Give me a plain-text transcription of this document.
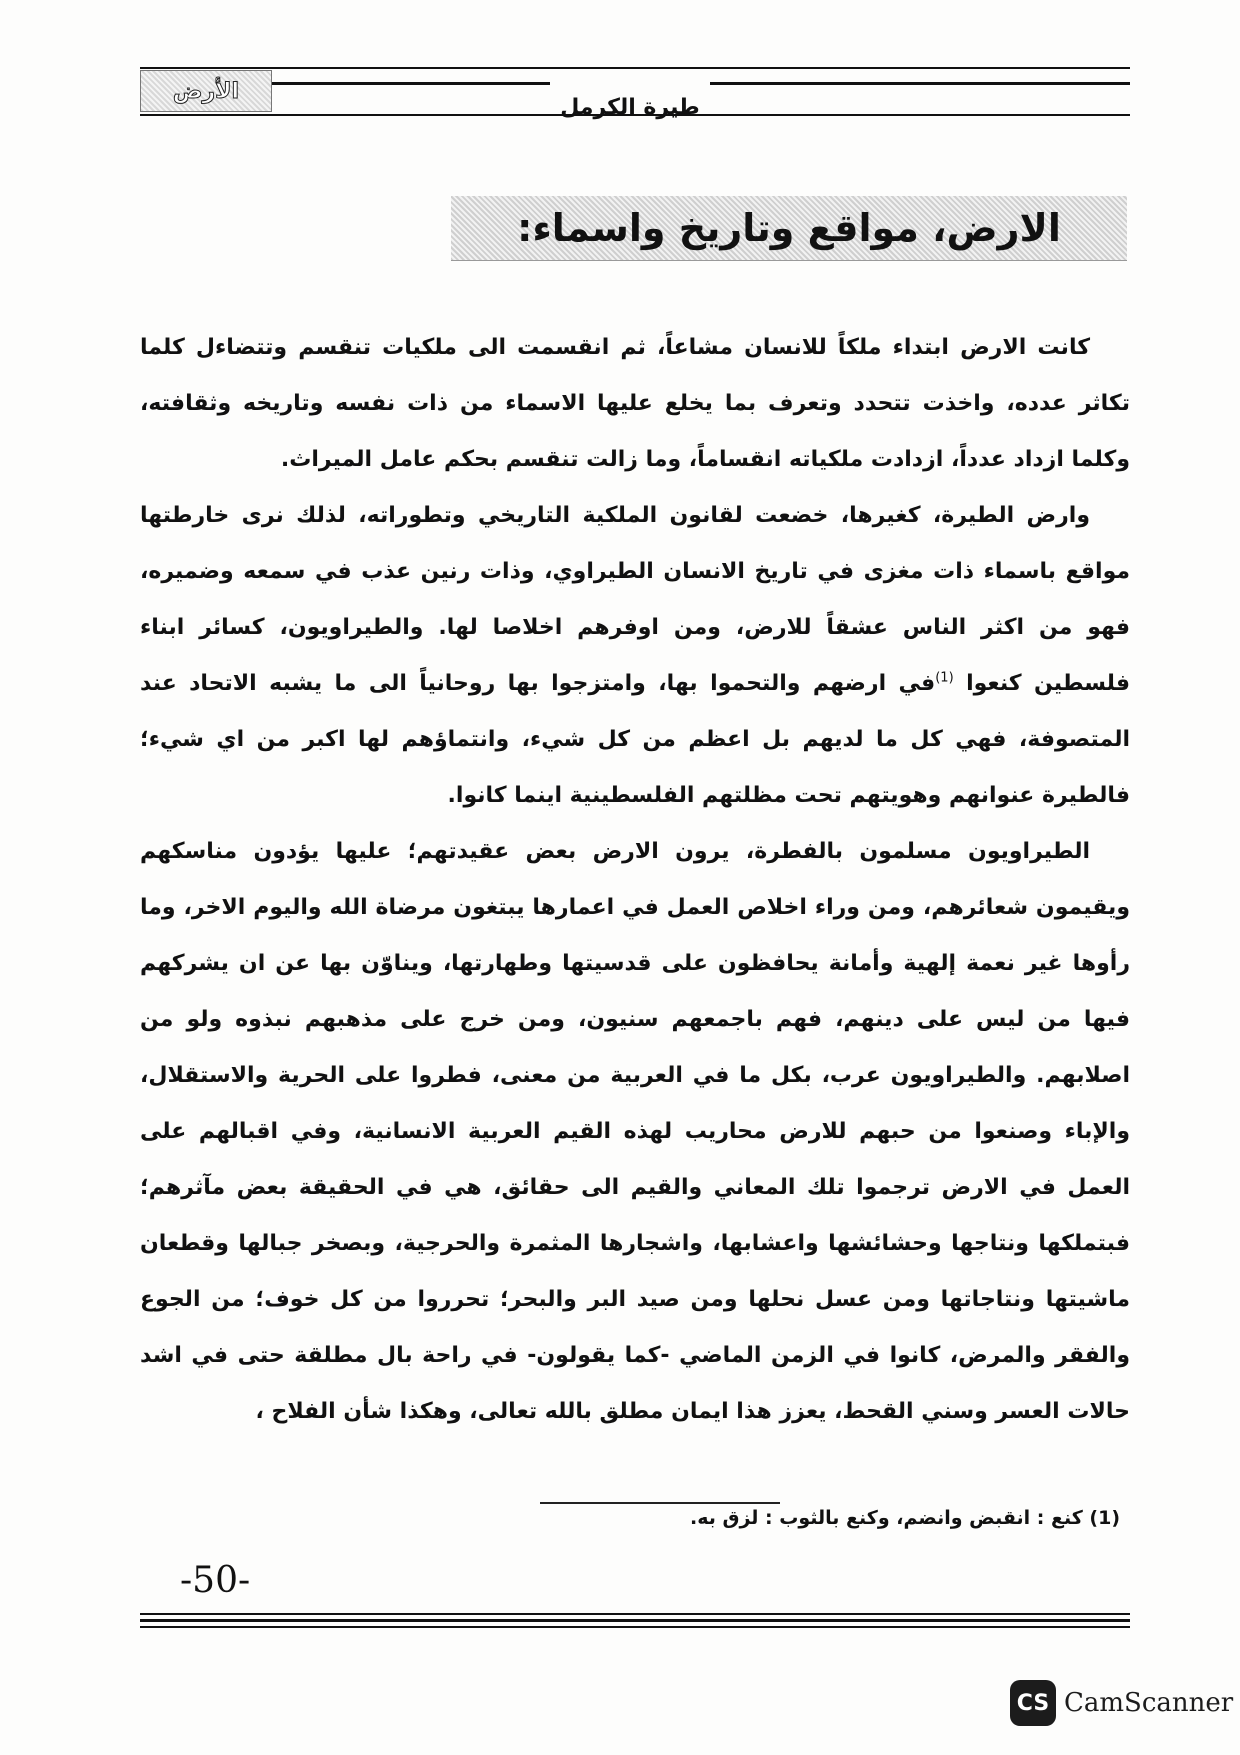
الأرض
طيرة الكرمل
الارض، مواقع وتاريخ واسماء:

كانت الارض ابتداء ملكاً للانسان مشاعاً، ثم انقسمت الى ملكيات تنقسم وتتضاءل كلما تكاثر عدده، واخذت تتحدد وتعرف بما يخلع عليها الاسماء من ذات نفسه وتاريخه وثقافته، وكلما ازداد عدداً، ازدادت ملكياته انقساماً، وما زالت تنقسم بحكم عامل الميراث.

وارض الطيرة، كغيرها، خضعت لقانون الملكية التاريخي وتطوراته، لذلك نرى خارطتها مواقع باسماء ذات مغزى في تاريخ الانسان الطيراوي، وذات رنين عذب في سمعه وضميره، فهو من اكثر الناس عشقاً للارض، ومن اوفرهم اخلاصا لها. والطيراويون، كسائر ابناء فلسطين كنعوا $^{(1)}$في ارضهم والتحموا بها، وامتزجوا بها روحانياً الى ما يشبه الاتحاد عند المتصوفة، فهي كل ما لديهم بل اعظم من كل شيء، وانتماؤهم لها اكبر من اي شيء؛ فالطيرة عنوانهم وهويتهم تحت مظلتهم الفلسطينية اينما كانوا.

الطيراويون مسلمون بالفطرة، يرون الارض بعض عقيدتهم؛ عليها يؤدون مناسكهم ويقيمون شعائرهم، ومن وراء اخلاص العمل في اعمارها يبتغون مرضاة الله واليوم الاخر، وما رأوها غير نعمة إلهية وأمانة يحافظون على قدسيتها وطهارتها، ويناوّن بها عن ان يشركهم فيها من ليس على دينهم، فهم باجمعهم سنيون، ومن خرج على مذهبهم نبذوه ولو من اصلابهم. والطيراويون عرب، بكل ما في العربية من معنى، فطروا على الحرية والاستقلال، والإباء وصنعوا من حبهم للارض محاريب لهذه القيم العربية الانسانية، وفي اقبالهم على العمل في الارض ترجموا تلك المعاني والقيم الى حقائق، هي في الحقيقة بعض مآثرهم؛ فبتملكها ونتاجها وحشائشها واعشابها، واشجارها المثمرة والحرجية، وبصخر جبالها وقطعان ماشيتها ونتاجاتها ومن عسل نحلها ومن صيد البر والبحر؛ تحرروا من كل خوف؛ من الجوع والفقر والمرض، كانوا في الزمن الماضي -كما يقولون- في راحة بال مطلقة حتى في اشد حالات العسر وسني القحط، يعزز هذا ايمان مطلق بالله تعالى، وهكذا شأن الفلاح ،

(1) كنع : انقبض وانضم، وكنع بالثوب : لزق به.
-50-
CS CamScanner
